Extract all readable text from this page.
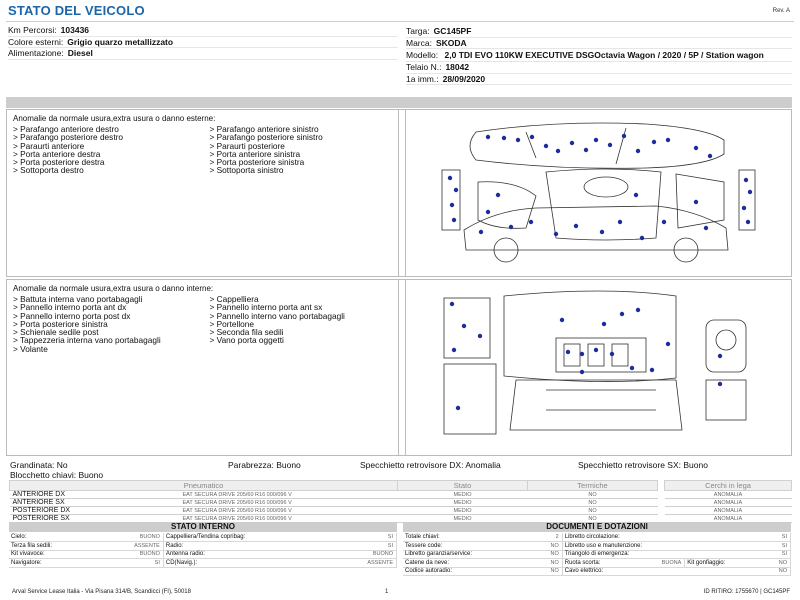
STATO DEL VEICOLO	Rev. A
Km Percorsi: 103436
Colore esterni: Grigio quarzo metallizzato
Alimentazione: Diesel
Targa: GC145PF
Marca: SKODA
Modello: 2,0 TDI EVO 110KW EXECUTIVE DSGOctavia Wagon / 2020 / 5P / Station wagon
Telaio N.: 18042
1a imm.: 28/09/2020
Anomalie da normale usura,extra usura o danno esterne:
> Parafango anteriore destro
> Parafango posteriore destro
> Paraurti anteriore
> Porta anteriore destra
> Porta posteriore destra
> Sottoporta destro
> Parafango anteriore sinistro
> Parafango posteriore sinistro
> Paraurti posteriore
> Porta anteriore sinistra
> Porta posteriore sinistra
> Sottoporta sinistro
Anomalie da normale usura,extra usura o danno interne:
> Battuta interna vano portabagagli
> Pannello interno porta ant dx
> Pannello interno porta post dx
> Porta posteriore sinistra
> Schienale sedile post
> Tappezzeria interna vano portabagagli
> Volante
> Cappelliera
> Pannello interno porta ant sx
> Pannello interno vano portabagagli
> Portellone
> Seconda fila sedili
> Vano porta oggetti
Grandinata: No	Parabrezza: Buono	Specchietto retrovisore DX: Anomalia	Specchietto retrovisore SX: Buono
Blocchetto chiavi: Buono
Pneumatico		Stato	Termiche		Cerchi in lega
ANTERIORE DX	EAT SECURA DRIVE 205/60 R16 000/096 V	MEDIO	NO		ANOMALIA
ANTERIORE SX	EAT SECURA DRIVE 205/60 R16 000/096 V	MEDIO	NO		ANOMALIA
POSTERIORE DX	EAT SECURA DRIVE 205/60 R16 000/096 V	MEDIO	NO		ANOMALIA
POSTERIORE SX	EAT SECURA DRIVE 205/60 R16 000/096 V	MEDIO	NO		ANOMALIA
STATO INTERNO
Cielo:	BUONO	Cappelliera/Tendina copribag:	SI
Terza fila sedili:	ASSENTE	Radio:	SI
Kit vivavoce:	BUONO	Antenna radio:	BUONO
Navigatore:	SI	CD(Navig.):	ASSENTE
DOCUMENTI E DOTAZIONI
Totale chiavi:	2	Libretto circolazione:			SI
Tessere code:	NO	Libretto uso e manutenzione:			SI
Libretto garanzia/service:	NO	Triangolo di emergenza:			SI
Catene da neve:	NO	Ruota scorta:	BUONA	Kit gonfiaggio:	NO
Codice autoradio:	NO	Cavo elettrico:			NO
Arval Service Lease Italia - Via Pisana 314/B, Scandicci (FI), 50018	1	ID RITIRO: 1755670 | GC145PF
